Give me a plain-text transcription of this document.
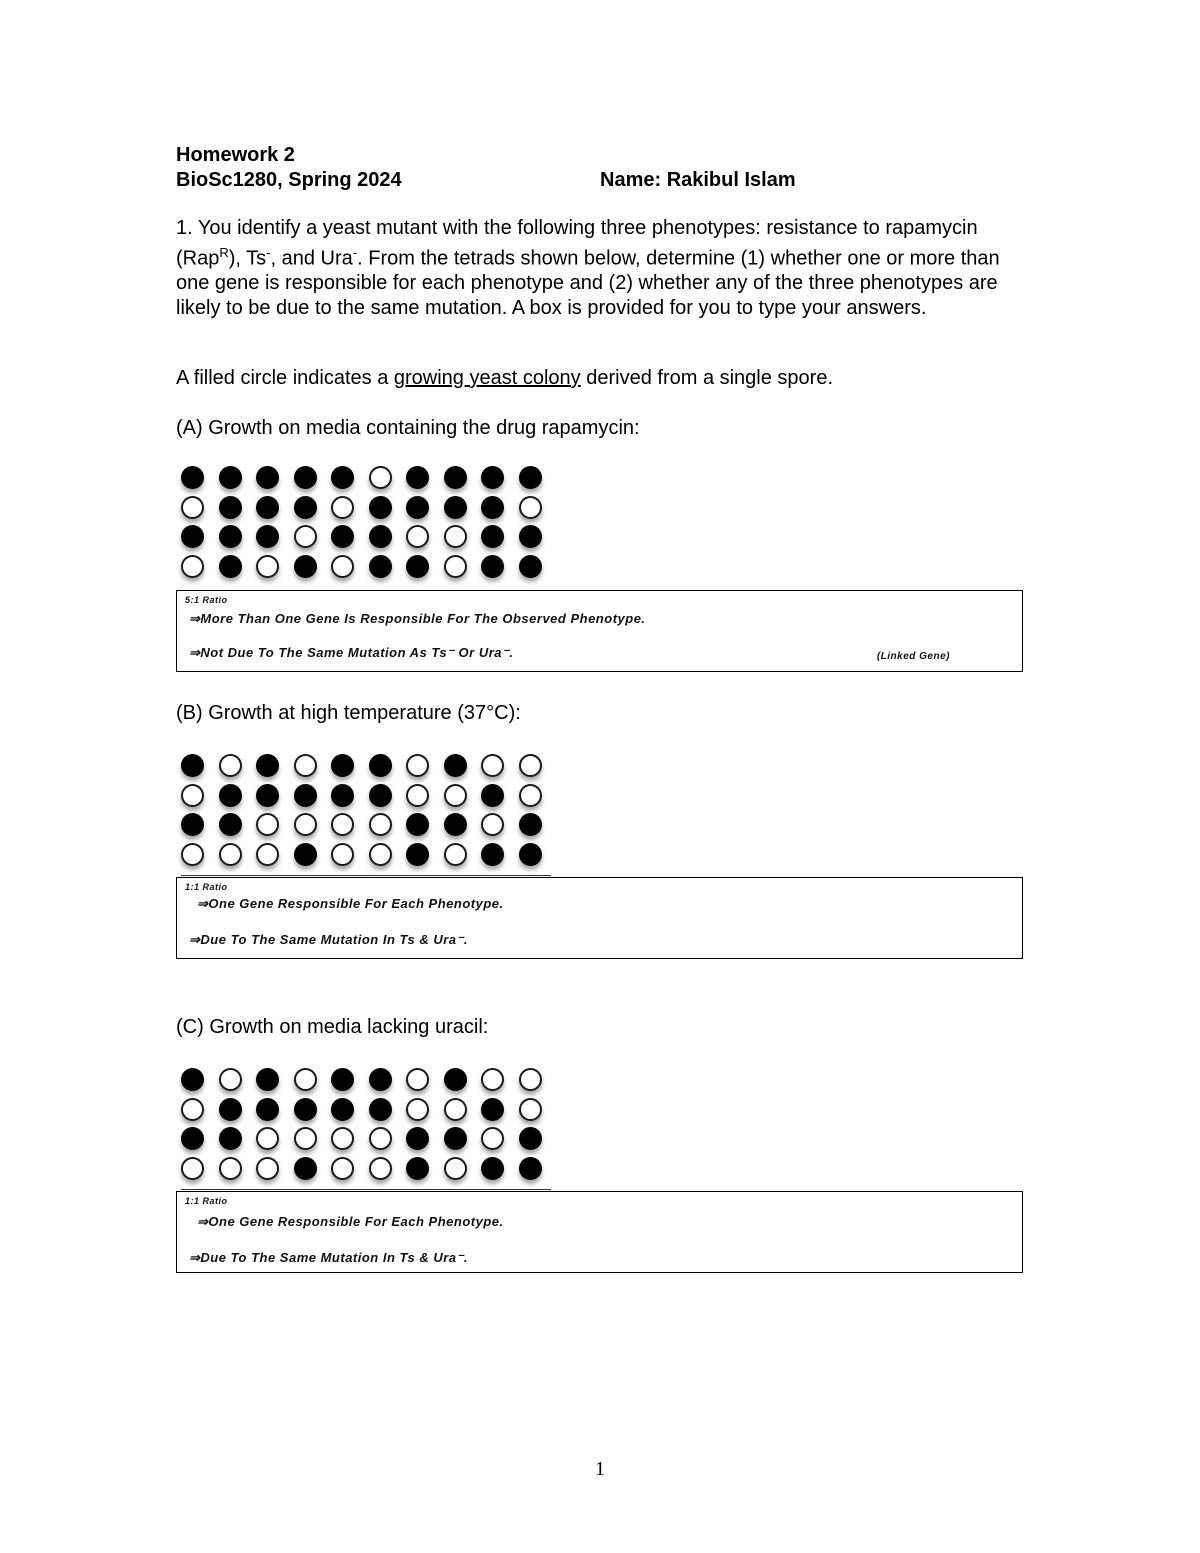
Homework 2
BioSc1280, Spring 2024	Name: Rakibul Islam
1. You identify a yeast mutant with the following three phenotypes: resistance to rapamycin (Rap$^R$), Ts-, and Ura-. From the tetrads shown below, determine (1) whether one or more than one gene is responsible for each phenotype and (2) whether any of the three phenotypes are likely to be due to the same mutation. A box is provided for you to type your answers.
A filled circle indicates a growing yeast colony derived from a single spore.
(A) Growth on media containing the drug rapamycin:
5:1 Ratio
⇒More Than One Gene Is Responsible For The Observed Phenotype.
⇒Not Due To The Same Mutation As Ts⁻ Or Ura⁻.	(Linked Gene)
(B) Growth at high temperature (37°C):
1:1 Ratio
⇒One Gene Responsible For Each Phenotype.
⇒Due To The Same Mutation In Ts & Ura⁻.
(C) Growth on media lacking uracil:
1:1 Ratio
⇒One Gene Responsible For Each Phenotype.
⇒Due To The Same Mutation In Ts & Ura⁻.
1
